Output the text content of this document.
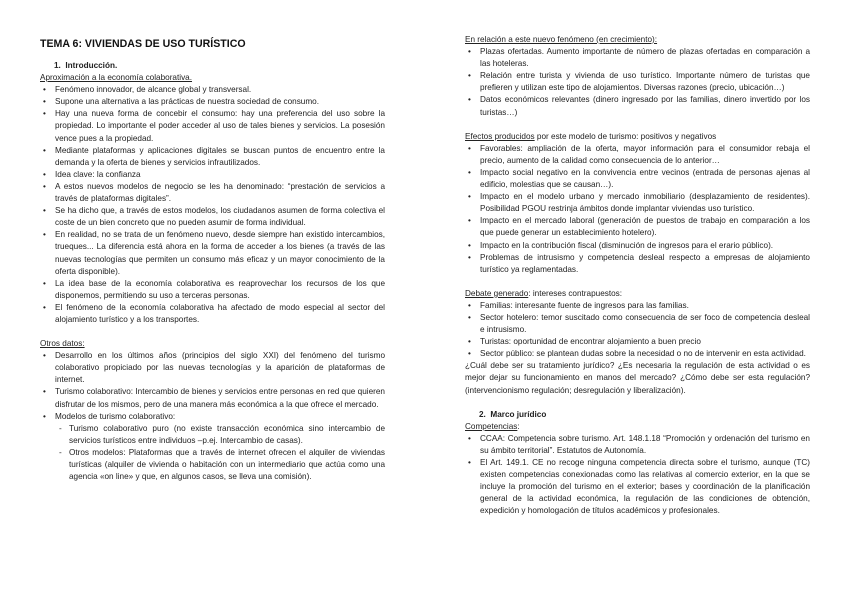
TEMA 6: VIVIENDAS DE USO TURÍSTICO
1.  Introducción.
Aproximación a la economía colaborativa.
• Fenómeno innovador, de alcance global y transversal.
• Supone una alternativa a las prácticas de nuestra sociedad de consumo.
• Hay una nueva forma de concebir el consumo: hay una preferencia del uso sobre la propiedad. Lo importante el poder acceder al uso de tales bienes y servicios. La posesión vence pues a la propiedad.
• Mediante plataformas y aplicaciones digitales se buscan puntos de encuentro entre la demanda y la oferta de bienes y servicios infrautilizados.
• Idea clave: la confianza
• A estos nuevos modelos de negocio se les ha denominado: “prestación de servicios a través de plataformas digitales”.
• Se ha dicho que, a través de estos modelos, los ciudadanos asumen de forma colectiva el coste de un bien concreto que no pueden asumir de forma individual.
• En realidad, no se trata de un fenómeno nuevo, desde siempre han existido intercambios, trueques... La diferencia está ahora en la forma de acceder a los bienes (a través de las nuevas tecnologías que permiten un consumo más eficaz y un mayor conocimiento de la oferta disponible).
• La idea base de la economía colaborativa es reaprovechar los recursos de los que disponemos, permitiendo su uso a terceras personas.
• El fenómeno de la economía colaborativa ha afectado de modo especial al sector del alojamiento turístico y a los transportes.
Otros datos:
• Desarrollo en los últimos años (principios del siglo XXI) del fenómeno del turismo colaborativo propiciado por las nuevas tecnologías y la aparición de plataformas de internet.
• Turismo colaborativo: Intercambio de bienes y servicios entre personas en red que quieren disfrutar de los mismos, pero de una manera más económica a la que ofrece el mercado.
• Modelos de turismo colaborativo:
- Turismo colaborativo puro (no existe transacción económica sino intercambio de servicios turísticos entre individuos –p.ej. Intercambio de casas).
- Otros modelos: Plataformas que a través de internet ofrecen el alquiler de viviendas turísticas (alquiler de vivienda o habitación con un intermediario que actúa como una agencia «on line» y que, en algunos casos, se lleva una comisión).
En relación a este nuevo fenómeno (en crecimiento):
• Plazas ofertadas. Aumento importante de número de plazas ofertadas en comparación a las hoteleras.
• Relación entre turista y vivienda de uso turístico. Importante número de turistas que prefieren y utilizan este tipo de alojamientos. Diversas razones (precio, ubicación…)
• Datos económicos relevantes (dinero ingresado por las familias, dinero invertido por los turistas…)
Efectos producidos por este modelo de turismo: positivos y negativos
• Favorables: ampliación de la oferta, mayor información para el consumidor rebaja el precio, aumento de la calidad como consecuencia de lo anterior…
• Impacto social negativo en la convivencia entre vecinos (entrada de personas ajenas al edificio, molestias que se causan…).
• Impacto en el modelo urbano y mercado inmobiliario (desplazamiento de residentes). Posibilidad PGOU restrinja ámbitos donde implantar viviendas uso turístico.
• Impacto en el mercado laboral (generación de puestos de trabajo en comparación a los que puede generar un establecimiento hotelero).
• Impacto en la contribución fiscal (disminución de ingresos para el erario público).
• Problemas de intrusismo y competencia desleal respecto a empresas de alojamiento turístico ya reglamentadas.
Debate generado: intereses contrapuestos:
• Familias: interesante fuente de ingresos para las familias.
• Sector hotelero: temor suscitado como consecuencia de ser foco de competencia desleal e intrusismo.
• Turistas: oportunidad de encontrar alojamiento a buen precio
• Sector público: se plantean dudas sobre la necesidad o no de intervenir en esta actividad.

¿Cuál debe ser su tratamiento jurídico? ¿Es necesaria la regulación de esta actividad o es mejor dejar su funcionamiento en manos del mercado? ¿Cómo debe ser esta regulación? (intervencionismo regulación; desregulación y liberalización).

2.  Marco jurídico
Competencias:
• CCAA: Competencia sobre turismo. Art. 148.1.18 “Promoción y ordenación del turismo en su ámbito territorial”. Estatutos de Autonomía.
• El Art. 149.1. CE no recoge ninguna competencia directa sobre el turismo, aunque (TC) existen competencias conexionadas como las relativas al comercio exterior, en la que se incluye la promoción del turismo en el exterior; bases y coordinación de la planificación general de la actividad económica, la regulación de las condiciones de obtención, expedición y homologación de títulos académicos y profesionales.
